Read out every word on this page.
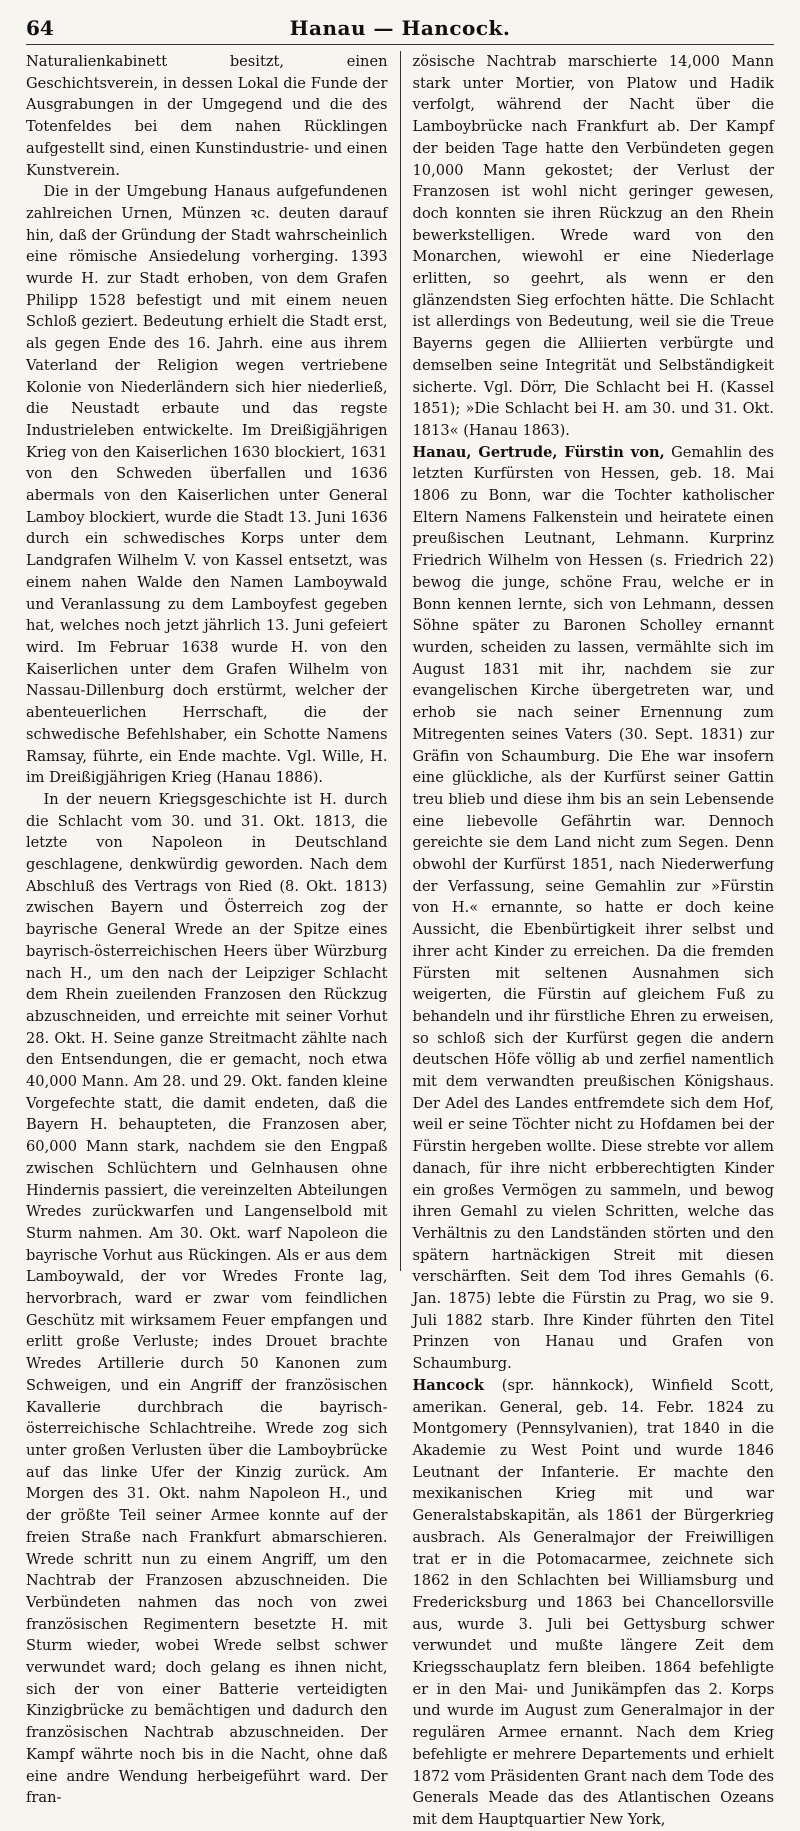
64	Hanau — Hancock.

Naturalienkabinett besitzt, einen Geschichtsverein, in dessen Lokal die Funde der Ausgrabungen in der Umgegend und die des Totenfeldes bei dem nahen Rücklingen aufgestellt sind, einen Kunstindustrie- und einen Kunstverein.

Die in der Umgebung Hanaus aufgefundenen zahlreichen Urnen, Münzen ꝛc. deuten darauf hin, daß der Gründung der Stadt wahrscheinlich eine römische Ansiedelung vorherging. 1393 wurde H. zur Stadt erhoben, von dem Grafen Philipp 1528 befestigt und mit einem neuen Schloß geziert. Bedeutung erhielt die Stadt erst, als gegen Ende des 16. Jahrh. eine aus ihrem Vaterland der Religion wegen vertriebene Kolonie von Niederländern sich hier niederließ, die Neustadt erbaute und das regste Industrieleben entwickelte. Im Dreißigjährigen Krieg von den Kaiserlichen 1630 blockiert, 1631 von den Schweden überfallen und 1636 abermals von den Kaiserlichen unter General Lamboy blockiert, wurde die Stadt 13. Juni 1636 durch ein schwedisches Korps unter dem Landgrafen Wilhelm V. von Kassel entsetzt, was einem nahen Walde den Namen Lamboywald und Veranlassung zu dem Lamboyfest gegeben hat, welches noch jetzt jährlich 13. Juni gefeiert wird. Im Februar 1638 wurde H. von den Kaiserlichen unter dem Grafen Wilhelm von Nassau-Dillenburg doch erstürmt, welcher der abenteuerlichen Herrschaft, die der schwedische Befehlshaber, ein Schotte Namens Ramsay, führte, ein Ende machte. Vgl. Wille, H. im Dreißigjährigen Krieg (Hanau 1886).

In der neuern Kriegsgeschichte ist H. durch die Schlacht vom 30. und 31. Okt. 1813, die letzte von Napoleon in Deutschland geschlagene, denkwürdig geworden. Nach dem Abschluß des Vertrags von Ried (8. Okt. 1813) zwischen Bayern und Österreich zog der bayrische General Wrede an der Spitze eines bayrisch-österreichischen Heers über Würzburg nach H., um den nach der Leipziger Schlacht dem Rhein zueilenden Franzosen den Rückzug abzuschneiden, und erreichte mit seiner Vorhut 28. Okt. H. Seine ganze Streitmacht zählte nach den Entsendungen, die er gemacht, noch etwa 40,000 Mann. Am 28. und 29. Okt. fanden kleine Vorgefechte statt, die damit endeten, daß die Bayern H. behaupteten, die Franzosen aber, 60,000 Mann stark, nachdem sie den Engpaß zwischen Schlüchtern und Gelnhausen ohne Hindernis passiert, die vereinzelten Abteilungen Wredes zurückwarfen und Langenselbold mit Sturm nahmen. Am 30. Okt. warf Napoleon die bayrische Vorhut aus Rückingen. Als er aus dem Lamboywald, der vor Wredes Fronte lag, hervorbrach, ward er zwar vom feindlichen Geschütz mit wirksamem Feuer empfangen und erlitt große Verluste; indes Drouet brachte Wredes Artillerie durch 50 Kanonen zum Schweigen, und ein Angriff der französischen Kavallerie durchbrach die bayrisch-österreichische Schlachtreihe. Wrede zog sich unter großen Verlusten über die Lamboybrücke auf das linke Ufer der Kinzig zurück. Am Morgen des 31. Okt. nahm Napoleon H., und der größte Teil seiner Armee konnte auf der freien Straße nach Frankfurt abmarschieren. Wrede schritt nun zu einem Angriff, um den Nachtrab der Franzosen abzuschneiden. Die Verbündeten nahmen das noch von zwei französischen Regimentern besetzte H. mit Sturm wieder, wobei Wrede selbst schwer verwundet ward; doch gelang es ihnen nicht, sich der von einer Batterie verteidigten Kinzigbrücke zu bemächtigen und dadurch den französischen Nachtrab abzuschneiden. Der Kampf währte noch bis in die Nacht, ohne daß eine andre Wendung herbeigeführt ward. Der fran-

zösische Nachtrab marschierte 14,000 Mann stark unter Mortier, von Platow und Hadik verfolgt, während der Nacht über die Lamboybrücke nach Frankfurt ab. Der Kampf der beiden Tage hatte den Verbündeten gegen 10,000 Mann gekostet; der Verlust der Franzosen ist wohl nicht geringer gewesen, doch konnten sie ihren Rückzug an den Rhein bewerkstelligen. Wrede ward von den Monarchen, wiewohl er eine Niederlage erlitten, so geehrt, als wenn er den glänzendsten Sieg erfochten hätte. Die Schlacht ist allerdings von Bedeutung, weil sie die Treue Bayerns gegen die Alliierten verbürgte und demselben seine Integrität und Selbständigkeit sicherte. Vgl. Dörr, Die Schlacht bei H. (Kassel 1851); »Die Schlacht bei H. am 30. und 31. Okt. 1813« (Hanau 1863).

Hanau, Gertrude, Fürstin von, Gemahlin des letzten Kurfürsten von Hessen, geb. 18. Mai 1806 zu Bonn, war die Tochter katholischer Eltern Namens Falkenstein und heiratete einen preußischen Leutnant, Lehmann. Kurprinz Friedrich Wilhelm von Hessen (s. Friedrich 22) bewog die junge, schöne Frau, welche er in Bonn kennen lernte, sich von Lehmann, dessen Söhne später zu Baronen Scholley ernannt wurden, scheiden zu lassen, vermählte sich im August 1831 mit ihr, nachdem sie zur evangelischen Kirche übergetreten war, und erhob sie nach seiner Ernennung zum Mitregenten seines Vaters (30. Sept. 1831) zur Gräfin von Schaumburg. Die Ehe war insofern eine glückliche, als der Kurfürst seiner Gattin treu blieb und diese ihm bis an sein Lebensende eine liebevolle Gefährtin war. Dennoch gereichte sie dem Land nicht zum Segen. Denn obwohl der Kurfürst 1851, nach Niederwerfung der Verfassung, seine Gemahlin zur »Fürstin von H.« ernannte, so hatte er doch keine Aussicht, die Ebenbürtigkeit ihrer selbst und ihrer acht Kinder zu erreichen. Da die fremden Fürsten mit seltenen Ausnahmen sich weigerten, die Fürstin auf gleichem Fuß zu behandeln und ihr fürstliche Ehren zu erweisen, so schloß sich der Kurfürst gegen die andern deutschen Höfe völlig ab und zerfiel namentlich mit dem verwandten preußischen Königshaus. Der Adel des Landes entfremdete sich dem Hof, weil er seine Töchter nicht zu Hofdamen bei der Fürstin hergeben wollte. Diese strebte vor allem danach, für ihre nicht erbberechtigten Kinder ein großes Vermögen zu sammeln, und bewog ihren Gemahl zu vielen Schritten, welche das Verhältnis zu den Landständen störten und den spätern hartnäckigen Streit mit diesen verschärften. Seit dem Tod ihres Gemahls (6. Jan. 1875) lebte die Fürstin zu Prag, wo sie 9. Juli 1882 starb. Ihre Kinder führten den Titel Prinzen von Hanau und Grafen von Schaumburg.

Hancock (spr. hännkock), Winfield Scott, amerikan. General, geb. 14. Febr. 1824 zu Montgomery (Pennsylvanien), trat 1840 in die Akademie zu West Point und wurde 1846 Leutnant der Infanterie. Er machte den mexikanischen Krieg mit und war Generalstabskapitän, als 1861 der Bürgerkrieg ausbrach. Als Generalmajor der Freiwilligen trat er in die Potomacarmee, zeichnete sich 1862 in den Schlachten bei Williamsburg und Fredericksburg und 1863 bei Chancellorsville aus, wurde 3. Juli bei Gettysburg schwer verwundet und mußte längere Zeit dem Kriegsschauplatz fern bleiben. 1864 befehligte er in den Mai- und Junikämpfen das 2. Korps und wurde im August zum Generalmajor in der regulären Armee ernannt. Nach dem Krieg befehligte er mehrere Departements und erhielt 1872 vom Präsidenten Grant nach dem Tode des Generals Meade das des Atlantischen Ozeans mit dem Hauptquartier New York,
